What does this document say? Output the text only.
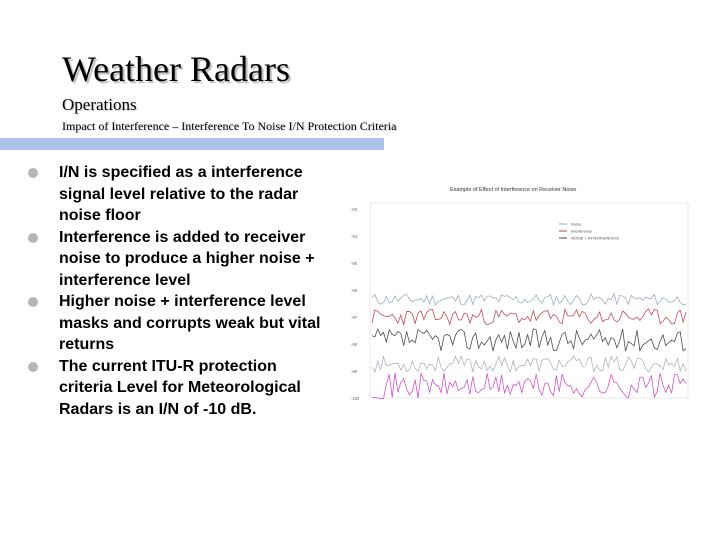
Weather Radars
Operations
Impact of Interference – Interference To Noise I/N Protection Criteria
I/N is specified as a interference signal level relative to the radar noise floor
Interference is added to receiver noise to produce a higher noise + interference level
Higher noise + interference level masks and corrupts weak but vital returns
The current ITU-R protection criteria Level for Meteorological Radars is an I/N of -10 dB.
Example of Effect of Interference on Receiver Noise
-93
-94
-95
-96
-97
-98
-99
-100
Noise
Interference
NOISE + INTERFERENCE
